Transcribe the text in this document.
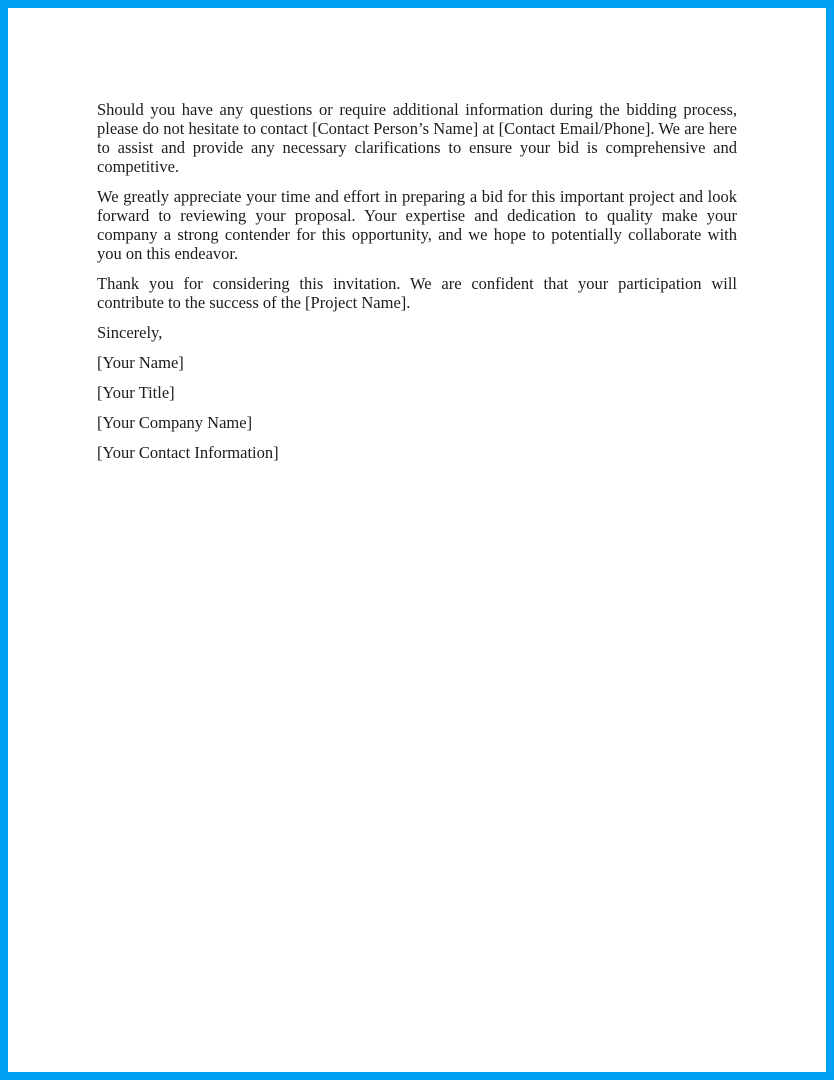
Should you have any questions or require additional information during the bidding process, please do not hesitate to contact [Contact Person’s Name] at [Contact Email/Phone]. We are here to assist and provide any necessary clarifications to ensure your bid is comprehensive and competitive.

We greatly appreciate your time and effort in preparing a bid for this important project and look forward to reviewing your proposal. Your expertise and dedication to quality make your company a strong contender for this opportunity, and we hope to potentially collaborate with you on this endeavor.

Thank you for considering this invitation. We are confident that your participation will contribute to the success of the [Project Name].

Sincerely,

[Your Name]

[Your Title]

[Your Company Name]

[Your Contact Information]
